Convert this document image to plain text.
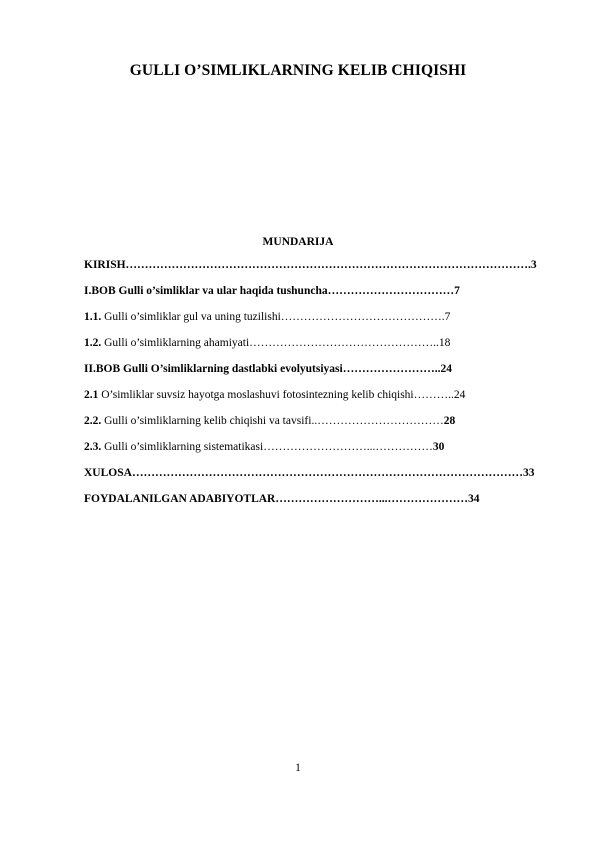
GULLI O’SIMLIKLARNING KELIB CHIQISHI
MUNDARIJA
KIRISH…………………………………………………………………………………………….3
I.BOB Gulli o’simliklar va ular haqida tushuncha……………………………7
1.1. Gulli o’simliklar gul va uning tuzilishi…………………………………….7
1.2. Gulli o’simliklarning ahamiyati…………………………………………..18
II.BOB Gulli O’simliklarning dastlabki evolyutsiyasi……………………..24
2.1 O’simliklar suvsiz hayotga moslashuvi fotosintezning kelib chiqishi………..24
2.2. Gulli o’simliklarning kelib chiqishi va tavsifi..……………………………28
2.3. Gulli o’simliklarning sistematikasi………………………...……………30
XULOSA…………………………………………………………………………………………33
FOYDALANILGAN ADABIYOTLAR………………………...…………………34
1
